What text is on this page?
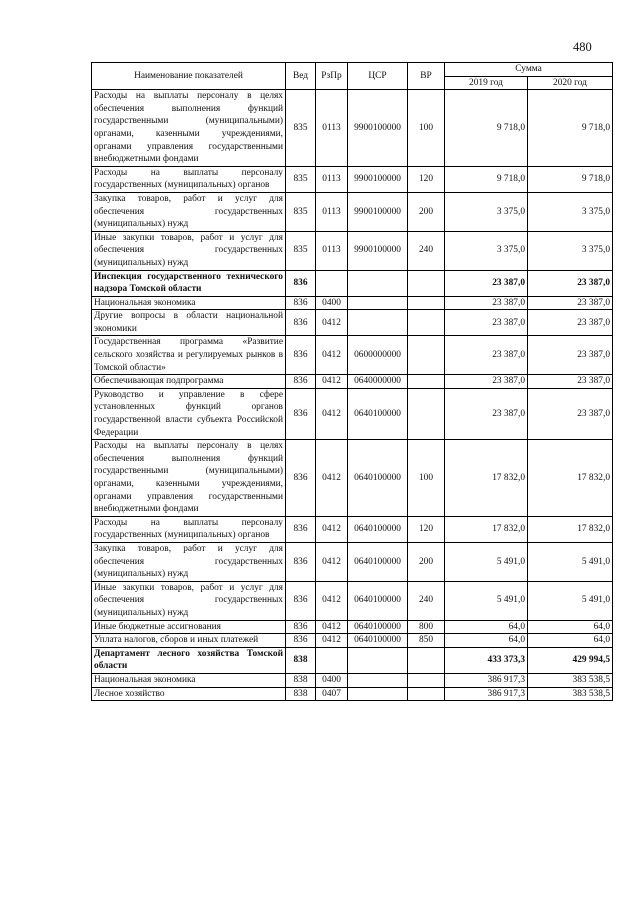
480
Наименование показателей	Вед	РзПр	ЦСР	ВР	Сумма	
					2019 год	2020 год
Расходы на выплаты персоналу в целях обеспечения выполнения функций государственными (муниципальными) органами, казенными учреждениями, органами управления государственными внебюджетными фондами	835	0113	9900100000	100	9 718,0	9 718,0
Расходы на выплаты персоналу государственных (муниципальных) органов	835	0113	9900100000	120	9 718,0	9 718,0
Закупка товаров, работ и услуг для обеспечения государственных (муниципальных) нужд	835	0113	9900100000	200	3 375,0	3 375,0
Иные закупки товаров, работ и услуг для обеспечения государственных (муниципальных) нужд	835	0113	9900100000	240	3 375,0	3 375,0
Инспекция государственного технического надзора Томской области	836				23 387,0	23 387,0
Национальная экономика	836	0400			23 387,0	23 387,0
Другие вопросы в области национальной экономики	836	0412			23 387,0	23 387,0
Государственная программа «Развитие сельского хозяйства и регулируемых рынков в Томской области»	836	0412	0600000000		23 387,0	23 387,0
Обеспечивающая подпрограмма	836	0412	0640000000		23 387,0	23 387,0
Руководство и управление в сфере установленных функций органов государственной власти субъекта Российской Федерации	836	0412	0640100000		23 387,0	23 387,0
Расходы на выплаты персоналу в целях обеспечения выполнения функций государственными (муниципальными) органами, казенными учреждениями, органами управления государственными внебюджетными фондами	836	0412	0640100000	100	17 832,0	17 832,0
Расходы на выплаты персоналу государственных (муниципальных) органов	836	0412	0640100000	120	17 832,0	17 832,0
Закупка товаров, работ и услуг для обеспечения государственных (муниципальных) нужд	836	0412	0640100000	200	5 491,0	5 491,0
Иные закупки товаров, работ и услуг для обеспечения государственных (муниципальных) нужд	836	0412	0640100000	240	5 491,0	5 491,0
Иные бюджетные ассигнования	836	0412	0640100000	800	64,0	64,0
Уплата налогов, сборов и иных платежей	836	0412	0640100000	850	64,0	64,0
Департамент лесного хозяйства Томской области	838				433 373,3	429 994,5
Национальная экономика	838	0400			386 917,3	383 538,5
Лесное хозяйство	838	0407			386 917,3	383 538,5
